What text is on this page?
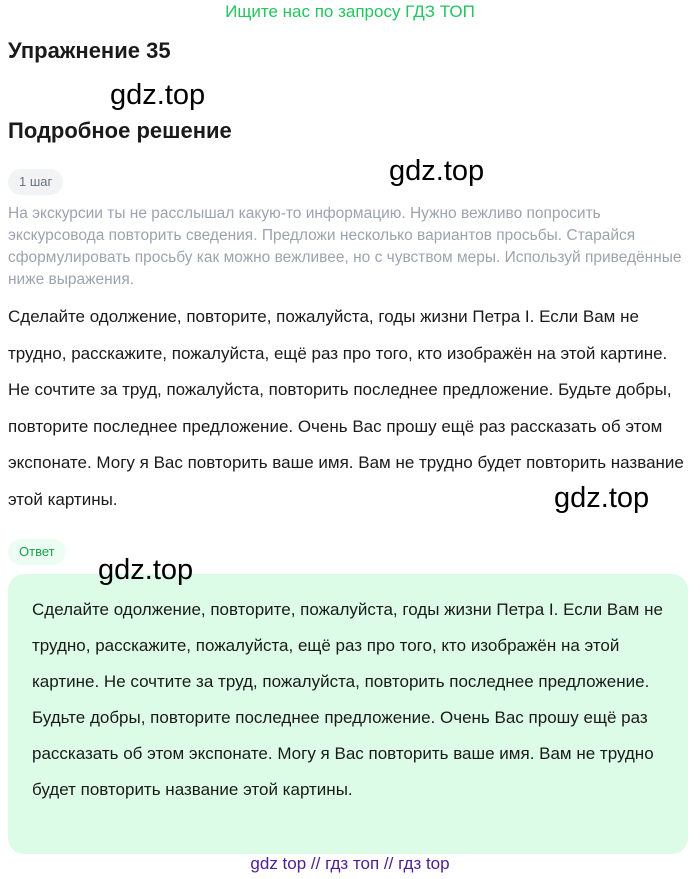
Ищите нас по запросу ГДЗ ТОП
Упражнение 35
gdz.top
Подробное решение
gdz.top
1 шаг
На экскурсии ты не расслышал какую-то информацию. Нужно вежливо попросить экскурсовода повторить сведения. Предложи несколько вариантов просьбы. Старайся сформулировать просьбу как можно вежливее, но с чувством меры. Используй приведённые ниже выражения.
Сделайте одолжение, повторите, пожалуйста, годы жизни Петра I. Если Вам не трудно, расскажите, пожалуйста, ещё раз про того, кто изображён на этой картине. Не сочтите за труд, пожалуйста, повторить последнее предложение. Будьте добры, повторите последнее предложение. Очень Вас прошу ещё раз рассказать об этом экспонате. Могу я Вас повторить ваше имя. Вам не трудно будет повторить название этой картины.	gdz.top
Ответ
Сделайте одолжение, повторите, пожалуйста, годы жизни Петра I. Если Вам не трудно, расскажите, пожалуйста, ещё раз про того, кто изображён на этой картине. Не сочтите за труд, пожалуйста, повторить последнее предложение. Будьте добры, повторите последнее предложение. Очень Вас прошу ещё раз рассказать об этом экспонате. Могу я Вас повторить ваше имя. Вам не трудно будет повторить название этой картины.
gdz.top
gdz top // гдз топ // гдз top
